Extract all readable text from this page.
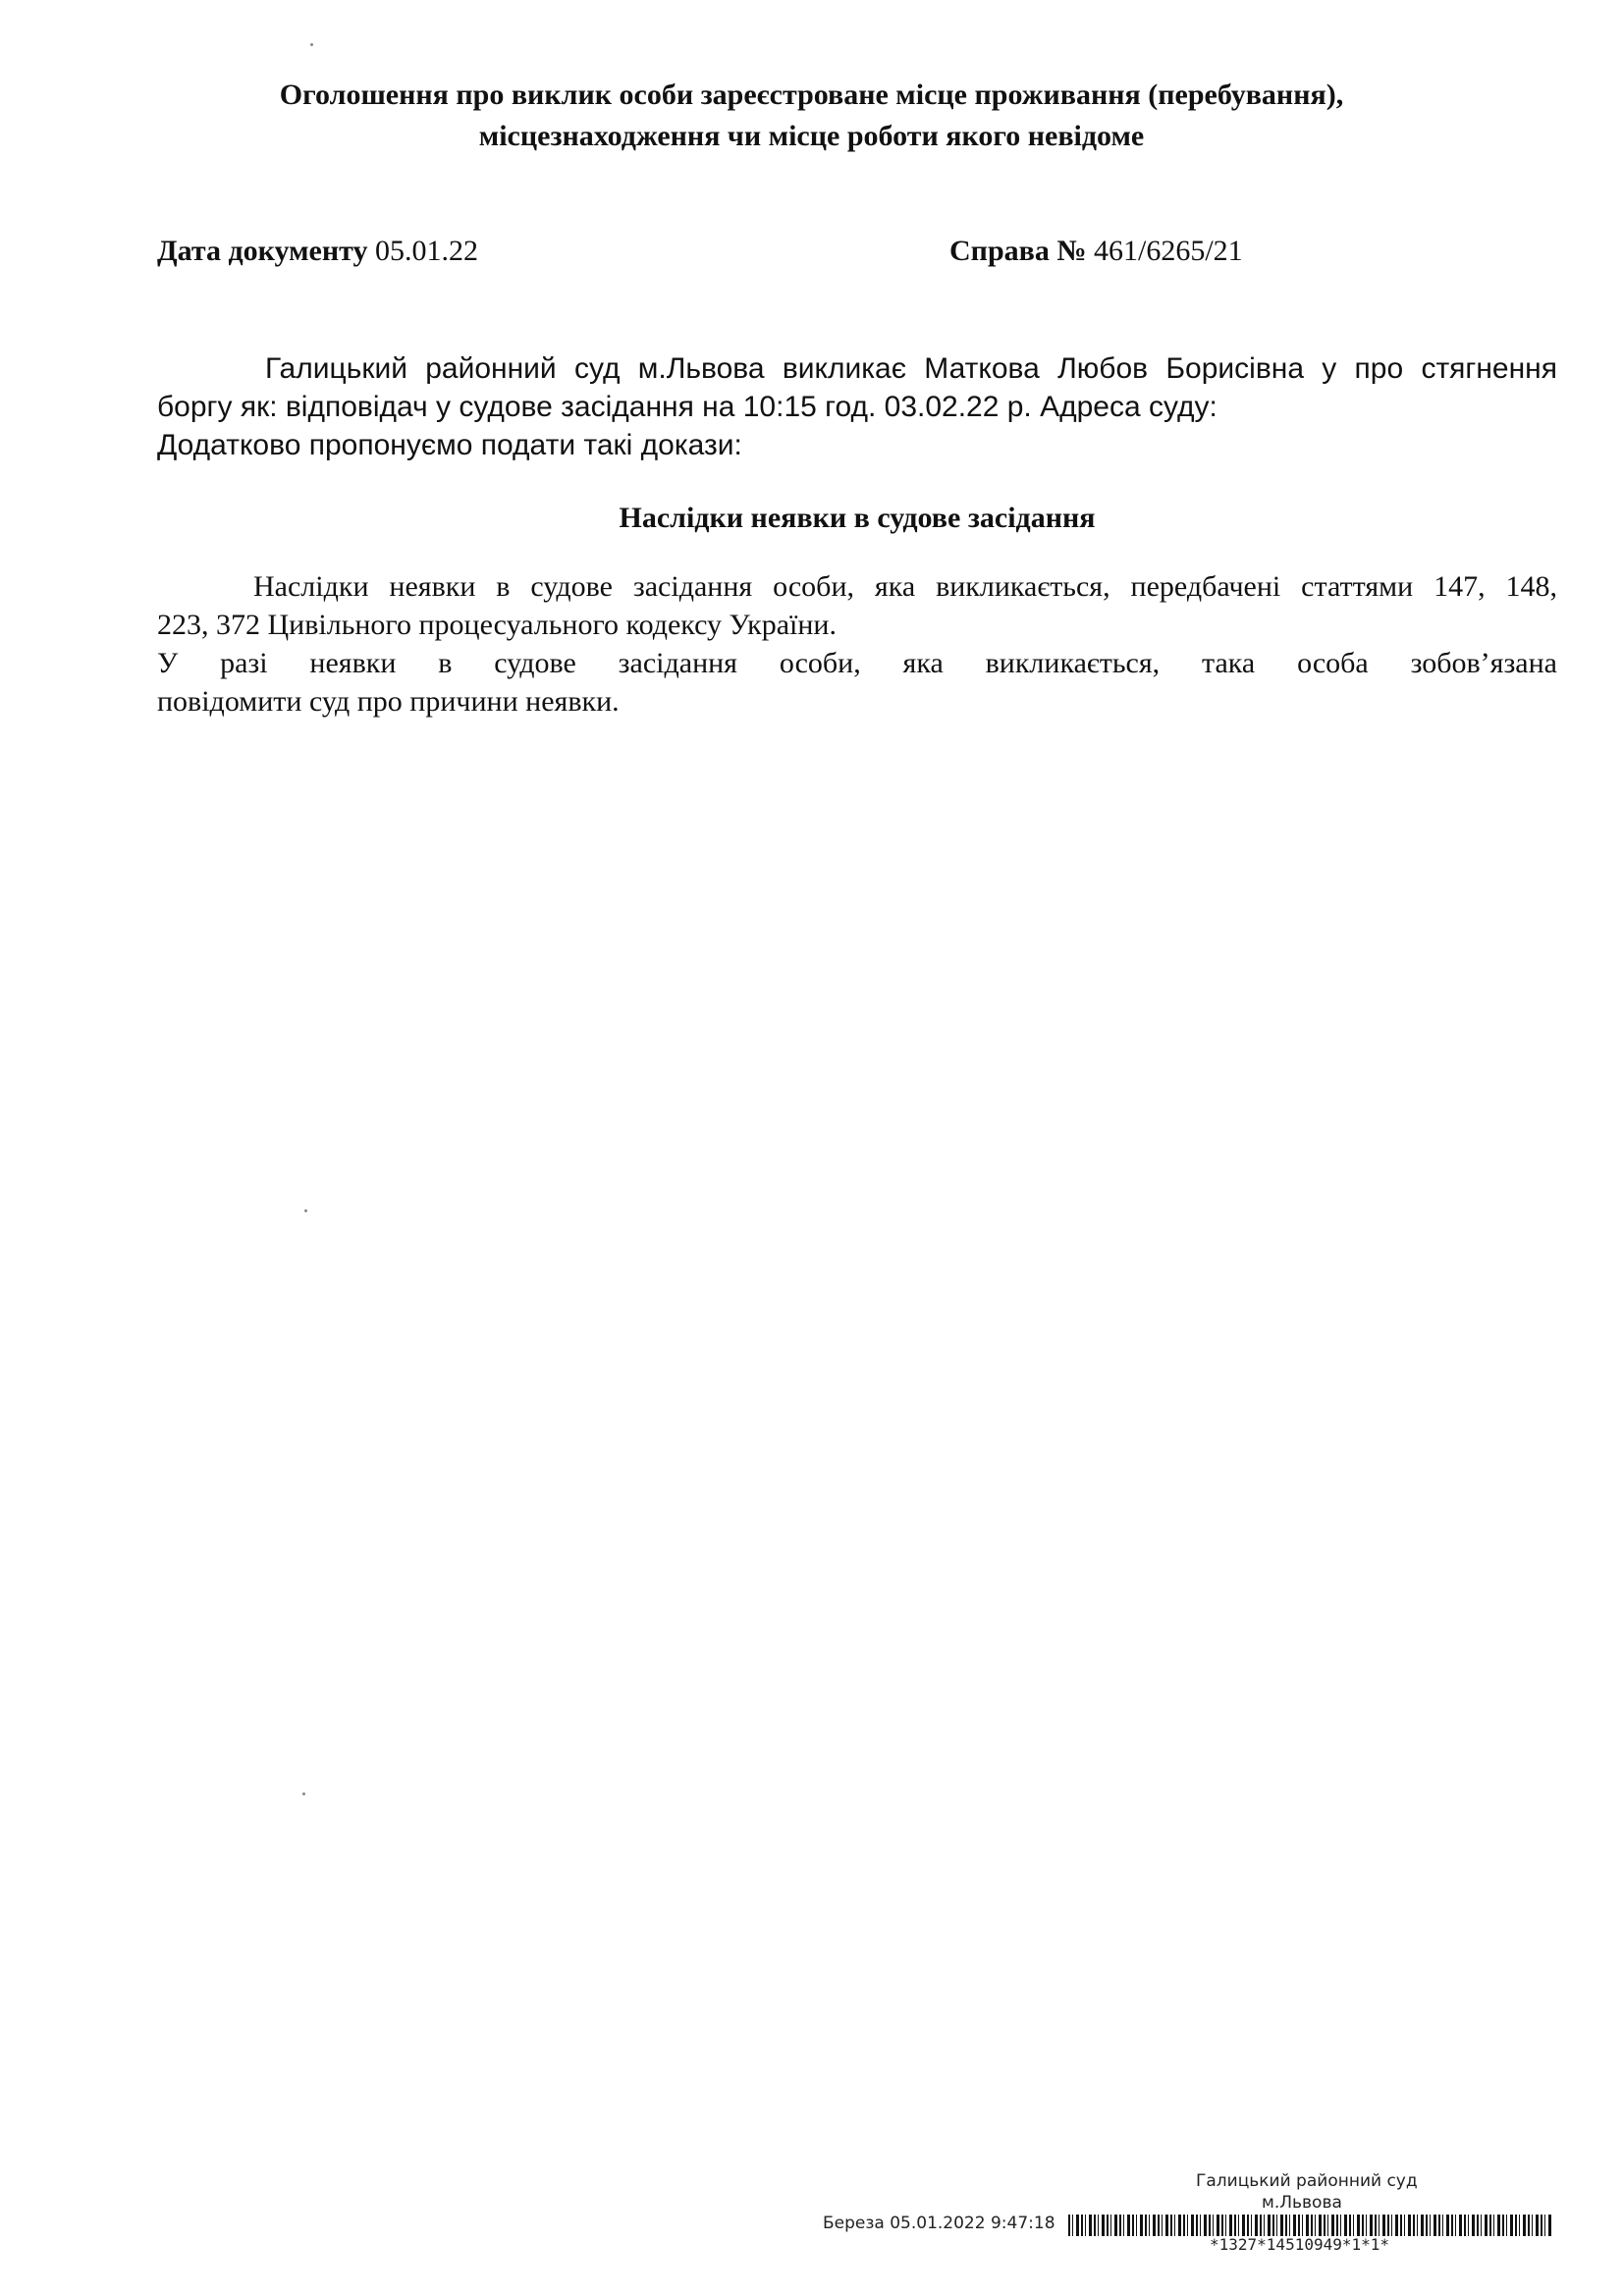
Оголошення про виклик особи зареєстроване місце проживання (перебування),
місцезнаходження чи місце роботи якого невідоме
Дата документу 05.01.22	Справа № 461/6265/21
Галицький районний суд м.Львова викликає Маткова Любов Борисівна у про стягнення
боргу як: відповідач у судове засідання на 10:15 год. 03.02.22 р. Адреса суду:
Додатково пропонуємо подати такі докази:
Наслідки неявки в судове засідання
Наслідки неявки в судове засідання особи, яка викликається, передбачені статтями 147, 148,
223, 372 Цивільного процесуального кодексу України.
У разі неявки в судове засідання особи, яка викликається, така особа зобов’язана
повідомити суд про причини неявки.
Галицький районний суд
м.Львова
Береза 05.01.2022 9:47:18
*1327*14510949*1*1*
